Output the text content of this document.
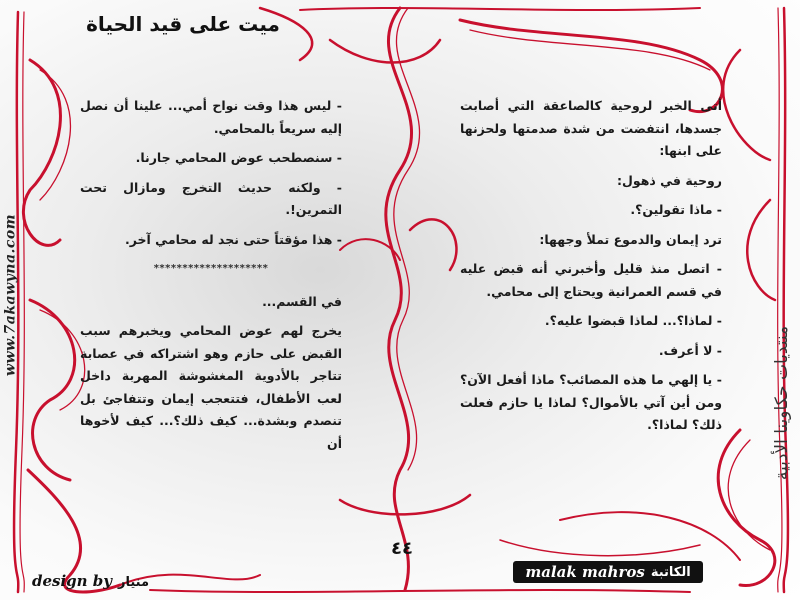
www.7akawyna.com
منتديات حكاوينا الأدبية
ميت على قيد الحياة

أتى الخبر لروحية كالصاعقة التي أصابت جسدها، انتفضت من شدة صدمتها ولحزنها على ابنها:

روحية في ذهول:

- ماذا تقولين؟.

ترد إيمان والدموع تملأ وجهها:

- اتصل منذ قليل وأخبرني أنه قبض عليه في قسم العمرانية ويحتاج إلى محامي.

- لماذا؟... لماذا قبضوا عليه؟.

- لا أعرف.

- يا إلهي ما هذه المصائب؟ ماذا أفعل الآن؟ ومن أين آتي بالأموال؟ لماذا يا حازم فعلت ذلك؟ لماذا؟.

- ليس هذا وقت نواح أمي... علينا أن نصل إليه سريعاً بالمحامي.

- سنصطحب عوض المحامي جارنا.

- ولكنه حديث التخرج ومازال تحت التمرين!.

- هذا مؤقتاً حتى نجد له محامي آخر.

********************

في القسم...

يخرج لهم عوض المحامي ويخبرهم سبب القبض على حازم وهو اشتراكه في عصابة تتاجر بالأدوية المغشوشة المهربة داخل لعب الأطفال، فتتعجب إيمان وتتفاجئ بل تنصدم وبشدة... كيف ذلك؟... كيف لأخوها أن

٤٤
malak mahros الكاتبة
design by منيار
